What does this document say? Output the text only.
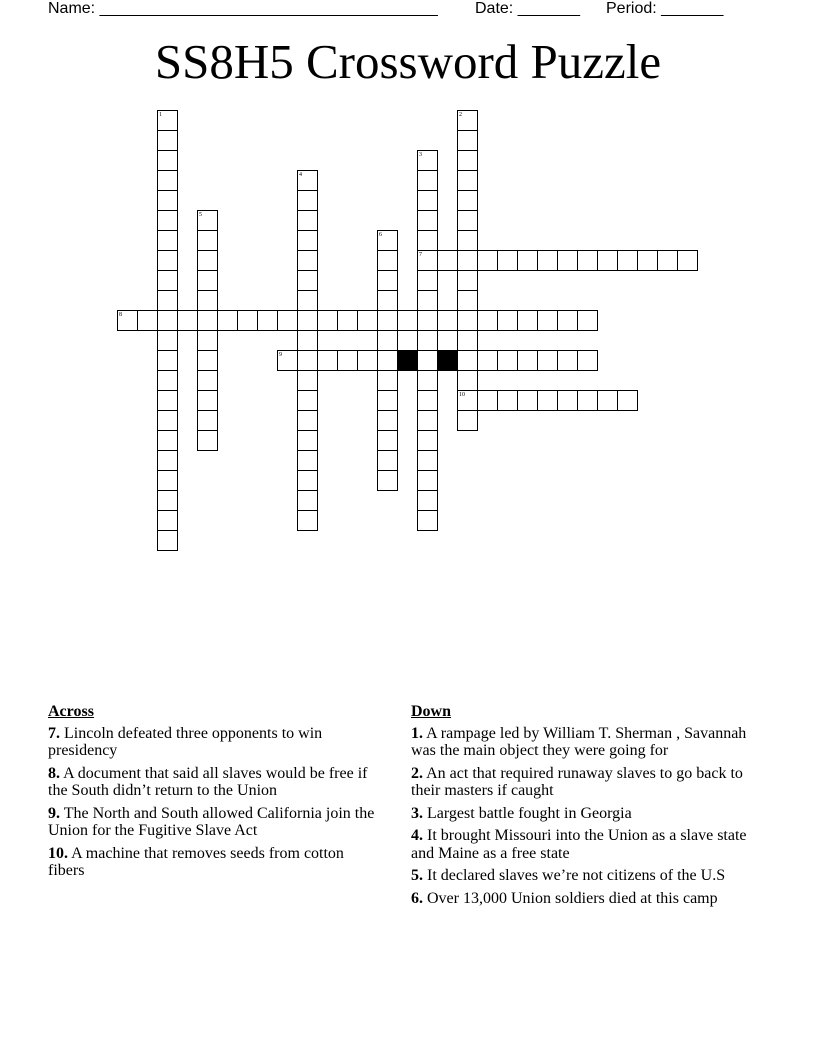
Name: ______________________________________ Date: _______ Period: _______
SS8H5 Crossword Puzzle
1	2
3
4
5
6
7
8
9
10
Across
7. Lincoln defeated three opponents to win presidency
8. A document that said all slaves would be free if the South didn’t return to the Union
9. The North and South allowed California join the Union for the Fugitive Slave Act
10. A machine that removes seeds from cotton fibers
Down
1. A rampage led by William T. Sherman , Savannah was the main object they were going for
2. An act that required runaway slaves to go back to their masters if caught
3. Largest battle fought in Georgia
4. It brought Missouri into the Union as a slave state and Maine as a free state
5. It declared slaves we’re not citizens of the U.S
6. Over 13,000 Union soldiers died at this camp
